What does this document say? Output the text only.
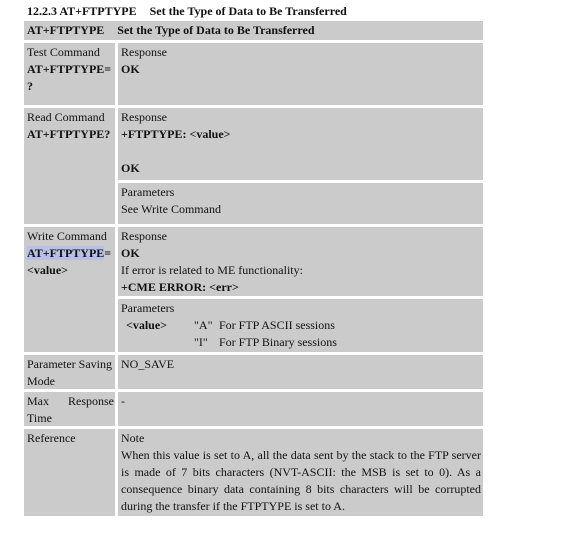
12.2.3 AT+FTPTYPE Set the Type of Data to Be Transferred
AT+FTPTYPE Set the Type of Data to Be Transferred
Test Command
AT+FTPTYPE=
?
Response
OK
Read Command
AT+FTPTYPE?
Response
+FTPTYPE: <value>
OK
Parameters
See Write Command
Write Command
AT+FTPTYPE=
<value>
Response
OK
If error is related to ME functionality:
+CME ERROR: <err>
Parameters
<value>	"A" For FTP ASCII sessions
"I" For FTP Binary sessions
Parameter Saving Mode
NO_SAVE
Max Response Time
-
Reference	Note
When this value is set to A, all the data sent by the stack to the FTP server is made of 7 bits characters (NVT-ASCII: the MSB is set to 0). As a consequence binary data containing 8 bits characters will be corrupted during the transfer if the FTPTYPE is set to A.
